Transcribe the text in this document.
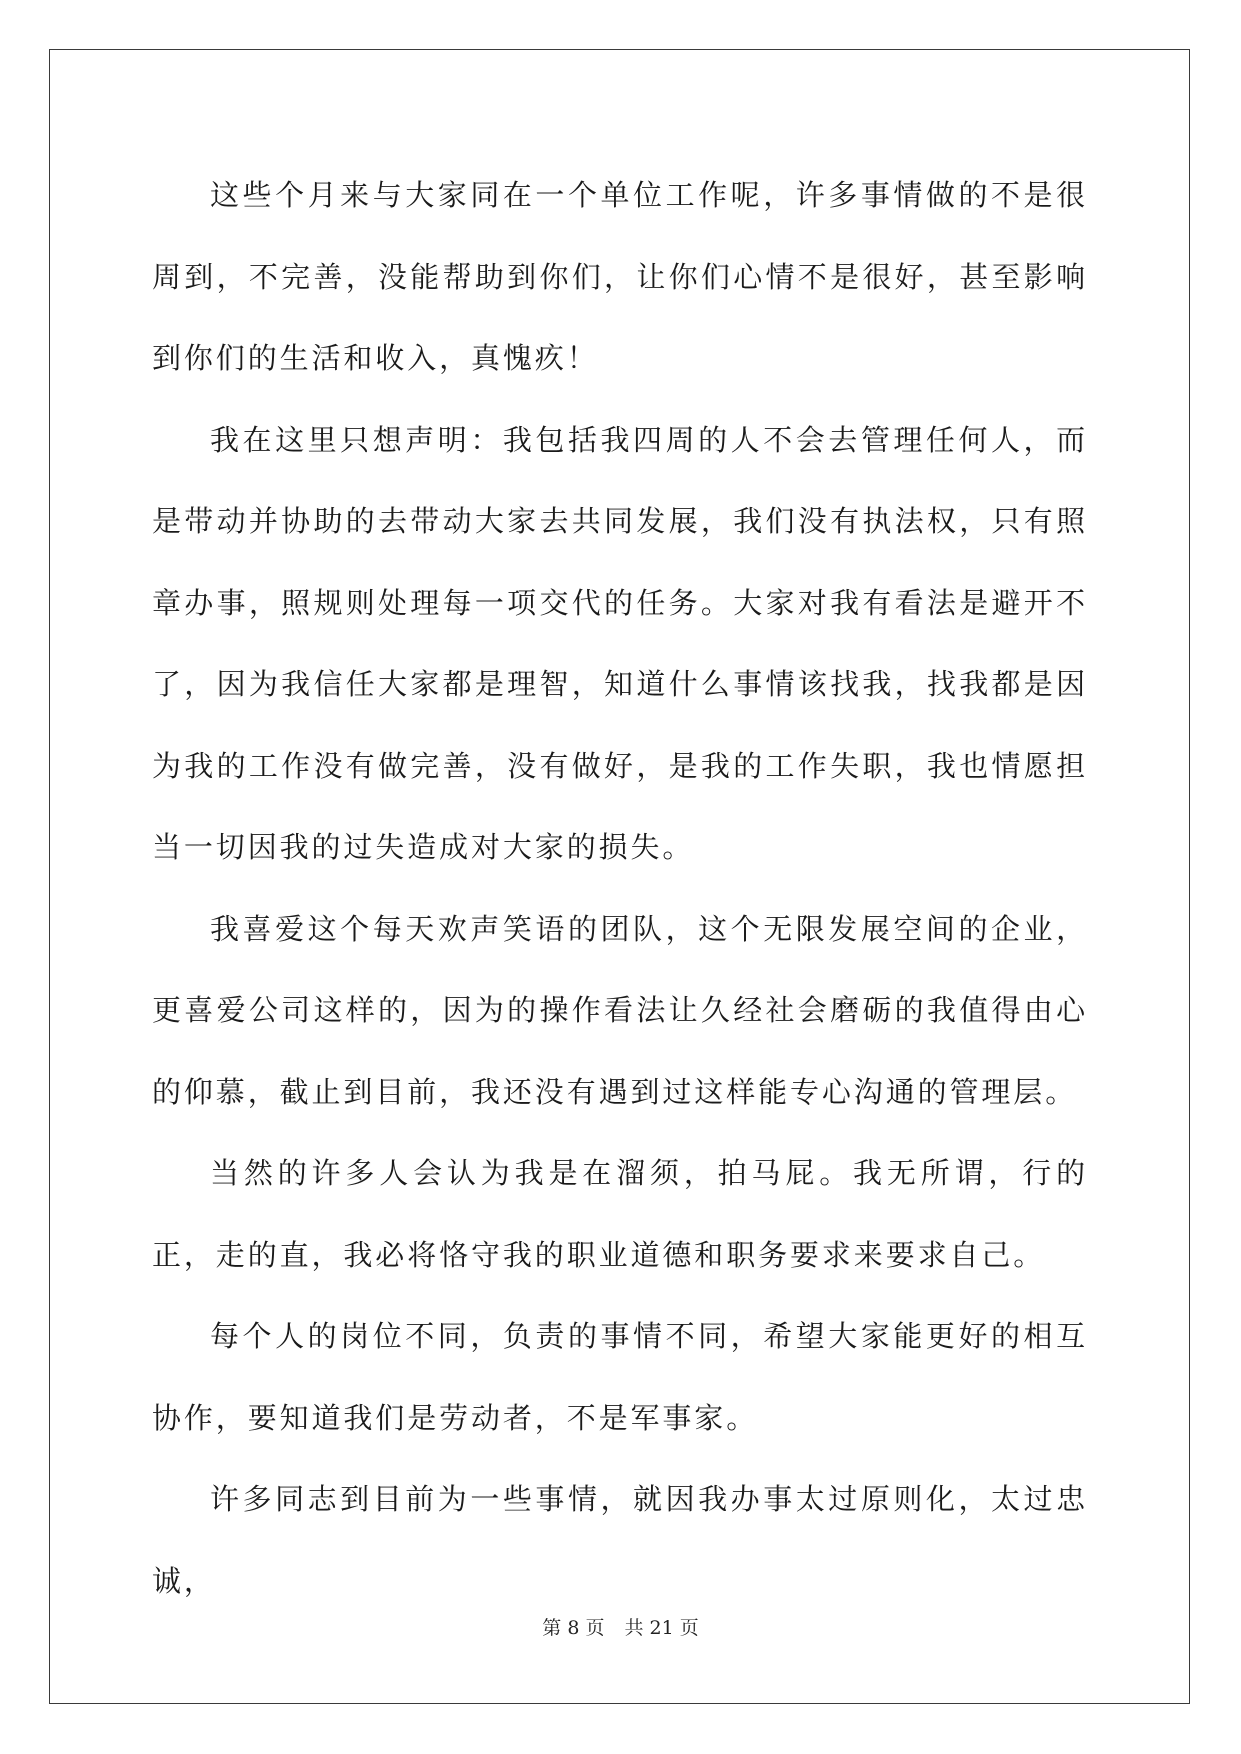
这些个月来与大家同在一个单位工作呢，许多事情做的不是很周到，不完善，没能帮助到你们，让你们心情不是很好，甚至影响到你们的生活和收入，真愧疚！

我在这里只想声明：我包括我四周的人不会去管理任何人，而是带动并协助的去带动大家去共同发展，我们没有执法权，只有照章办事，照规则处理每一项交代的任务。大家对我有看法是避开不了，因为我信任大家都是理智，知道什么事情该找我，找我都是因为我的工作没有做完善，没有做好，是我的工作失职，我也情愿担当一切因我的过失造成对大家的损失。

我喜爱这个每天欢声笑语的团队，这个无限发展空间的企业，更喜爱公司这样的，因为的操作看法让久经社会磨砺的我值得由心的仰慕，截止到目前，我还没有遇到过这样能专心沟通的管理层。

当然的许多人会认为我是在溜须，拍马屁。我无所谓，行的正，走的直，我必将恪守我的职业道德和职务要求来要求自己。

每个人的岗位不同，负责的事情不同，希望大家能更好的相互协作，要知道我们是劳动者，不是军事家。

许多同志到目前为一些事情，就因我办事太过原则化，太过忠诚，

第 8 页 共 21 页
